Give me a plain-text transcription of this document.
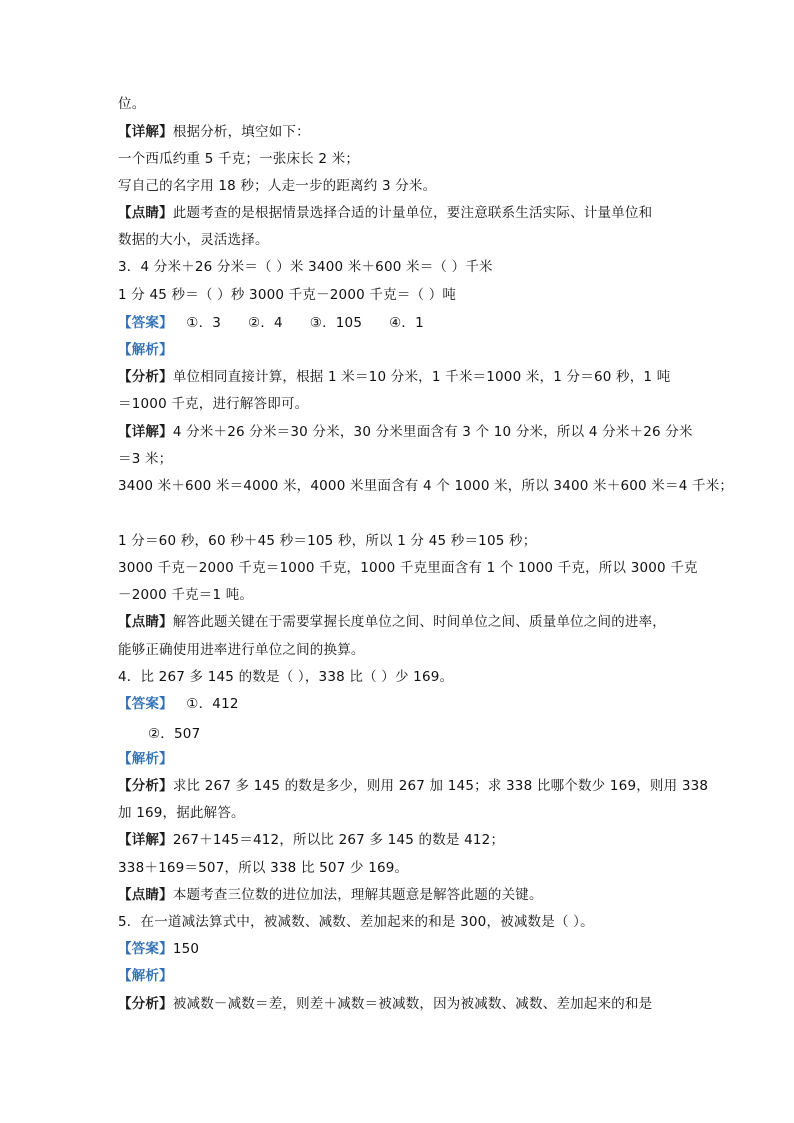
位。
【详解】根据分析，填空如下：
一个西瓜约重 5 千克；一张床长 2 米；
写自己的名字用 18 秒；人走一步的距离约 3 分米。
【点睛】此题考查的是根据情景选择合适的计量单位，要注意联系生活实际、计量单位和
数据的大小，灵活选择。
3．4 分米＋26 分米＝（ ）米 3400 米＋600 米＝（ ）千米
1 分 45 秒＝（ ）秒 3000 千克－2000 千克＝（ ）吨
【答案】   ①．3      ②．4      ③．105      ④．1
【解析】
【分析】单位相同直接计算，根据 1 米＝10 分米，1 千米＝1000 米，1 分＝60 秒，1 吨
＝1000 千克，进行解答即可。
【详解】4 分米＋26 分米＝30 分米，30 分米里面含有 3 个 10 分米，所以 4 分米＋26 分米
＝3 米；
3400 米＋600 米＝4000 米，4000 米里面含有 4 个 1000 米，所以 3400 米＋600 米＝4 千米；
1 分＝60 秒，60 秒＋45 秒＝105 秒，所以 1 分 45 秒＝105 秒；
3000 千克－2000 千克＝1000 千克，1000 千克里面含有 1 个 1000 千克，所以 3000 千克
－2000 千克＝1 吨。
【点睛】解答此题关键在于需要掌握长度单位之间、时间单位之间、质量单位之间的进率，
能够正确使用进率进行单位之间的换算。
4．比 267 多 145 的数是（ ），338 比（ ）少 169。
【答案】   ①．412
②．507
【解析】
【分析】求比 267 多 145 的数是多少，则用 267 加 145；求 338 比哪个数少 169，则用 338
加 169，据此解答。
【详解】267＋145＝412，所以比 267 多 145 的数是 412；
338＋169＝507，所以 338 比 507 少 169。
【点睛】本题考查三位数的进位加法，理解其题意是解答此题的关键。
5．在一道减法算式中，被减数、减数、差加起来的和是 300，被减数是（ ）。
【答案】150
【解析】
【分析】被减数－减数＝差，则差＋减数＝被减数，因为被减数、减数、差加起来的和是
